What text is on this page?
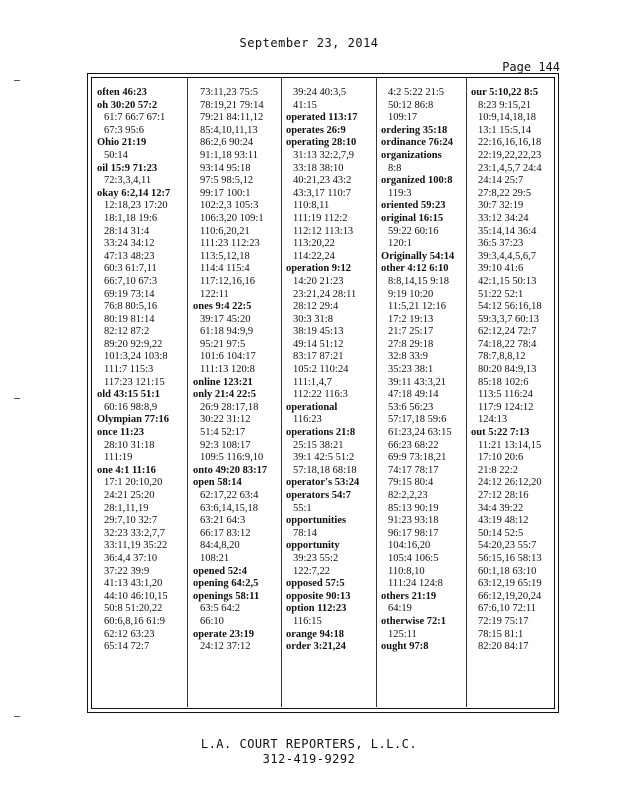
September 23, 2014
Page 144
often 46:23
oh 30:20 57:2
61:7 66:7 67:1
67:3 95:6
Ohio 21:19
50:14
oil 15:9 71:23
72:3,3,4,11
okay 6:2,14 12:7
12:18,23 17:20
18:1,18 19:6
28:14 31:4
33:24 34:12
47:13 48:23
60:3 61:7,11
66:7,10 67:3
69:19 73:14
76:8 80:5,16
80:19 81:14
82:12 87:2
89:20 92:9,22
101:3,24 103:8
111:7 115:3
117:23 121:15
old 43:15 51:1
60:16 98:8,9
Olympian 77:16
once 11:23
28:10 31:18
111:19
one 4:1 11:16
17:1 20:10,20
24:21 25:20
28:1,11,19
29:7,10 32:7
32:23 33:2,7,7
33:11,19 35:22
36:4,4 37:10
37:22 39:9
41:13 43:1,20
44:10 46:10,15
50:8 51:20,22
60:6,8,16 61:9
62:12 63:23
65:14 72:7
73:11,23 75:5
78:19,21 79:14
79:21 84:11,12
85:4,10,11,13
86:2,6 90:24
91:1,18 93:11
93:14 95:18
97:5 98:5,12
99:17 100:1
102:2,3 105:3
106:3,20 109:1
110:6,20,21
111:23 112:23
113:5,12,18
114:4 115:4
117:12,16,16
122:11
ones 9:4 22:5
39:17 45:20
61:18 94:9,9
95:21 97:5
101:6 104:17
111:13 120:8
online 123:21
only 21:4 22:5
26:9 28:17,18
30:22 31:12
51:4 52:17
92:3 108:17
109:5 116:9,10
onto 49:20 83:17
open 58:14
62:17,22 63:4
63:6,14,15,18
63:21 64:3
66:17 83:12
84:4,8,20
108:21
opened 52:4
opening 64:2,5
openings 58:11
63:5 64:2
66:10
operate 23:19
24:12 37:12
39:24 40:3,5
41:15
operated 113:17
operates 26:9
operating 28:10
31:13 32:2,7,9
33:18 38:10
40:21,23 43:2
43:3,17 110:7
110:8,11
111:19 112:2
112:12 113:13
113:20,22
114:22,24
operation 9:12
14:20 21:23
23:21,24 28:11
28:12 29:4
30:3 31:8
38:19 45:13
49:14 51:12
83:17 87:21
105:2 110:24
111:1,4,7
112:22 116:3
operational
116:23
operations 21:8
25:15 38:21
39:1 42:5 51:2
57:18,18 68:18
operator's 53:24
operators 54:7
55:1
opportunities
78:14
opportunity
39:23 55:2
122:7,22
opposed 57:5
opposite 90:13
option 112:23
116:15
orange 94:18
order 3:21,24
4:2 5:22 21:5
50:12 86:8
109:17
ordering 35:18
ordinance 76:24
organizations
8:8
organized 100:8
119:3
oriented 59:23
original 16:15
59:22 60:16
120:1
Originally 54:14
other 4:12 6:10
8:8,14,15 9:18
9:19 10:20
11:5,21 12:16
17:2 19:13
21:7 25:17
27:8 29:18
32:8 33:9
35:23 38:1
39:11 43:3,21
47:18 49:14
53:6 56:23
57:17,18 59:6
61:23,24 63:15
66:23 68:22
69:9 73:18,21
74:17 78:17
79:15 80:4
82:2,2,23
85:13 90:19
91:23 93:18
96:17 98:17
104:16,20
105:4 106:5
110:8,10
111:24 124:8
others 21:19
64:19
otherwise 72:1
125:11
ought 97:8
our 5:10,22 8:5
8:23 9:15,21
10:9,14,18,18
13:1 15:5,14
22:16,16,16,18
22:19,22,22,23
23:1,4,5,7 24:4
24:14 25:7
27:8,22 29:5
30:7 32:19
33:12 34:24
35:14,14 36:4
36:5 37:23
39:3,4,4,5,6,7
39:10 41:6
42:1,15 50:13
51:22 52:1
54:12 56:16,18
59:3,3,7 60:13
62:12,24 72:7
74:18,22 78:4
78:7,8,8,12
80:20 84:9,13
85:18 102:6
113:5 116:24
117:9 124:12
124:13
out 5:22 7:13
11:21 13:14,15
17:10 20:6
21:8 22:2
24:12 26:12,20
27:12 28:16
34:4 39:22
43:19 48:12
50:14 52:5
54:20,23 55:7
56:15,16 58:13
60:1,18 63:10
63:12,19 65:19
66:12,19,20,24
67:6,10 72:11
72:19 75:17
78:15 81:1
82:20 84:17
L.A. COURT REPORTERS, L.L.C.
312-419-9292
